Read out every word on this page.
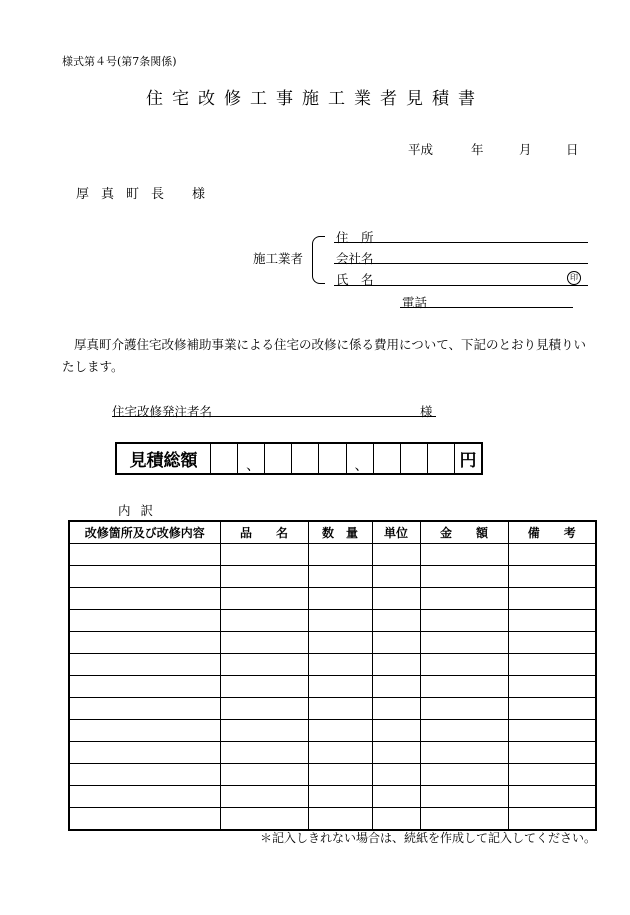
様式第４号(第7条関係)
住宅改修工事施工業者見積書
平成	年	月	日
厚真町長 様
施工業者
住　所
会社名
氏　名	印
電話
厚真町介護住宅改修補助事業による住宅の改修に係る費用について、下記のとおり見積りいたします。
住宅改修発注者名	様
見積総額	、	、	円
内訳
改修箇所及び改修内容	品　　名	数　量	単位	金　　額	備　　考

＊記入しきれない場合は、続紙を作成して記入してください。
